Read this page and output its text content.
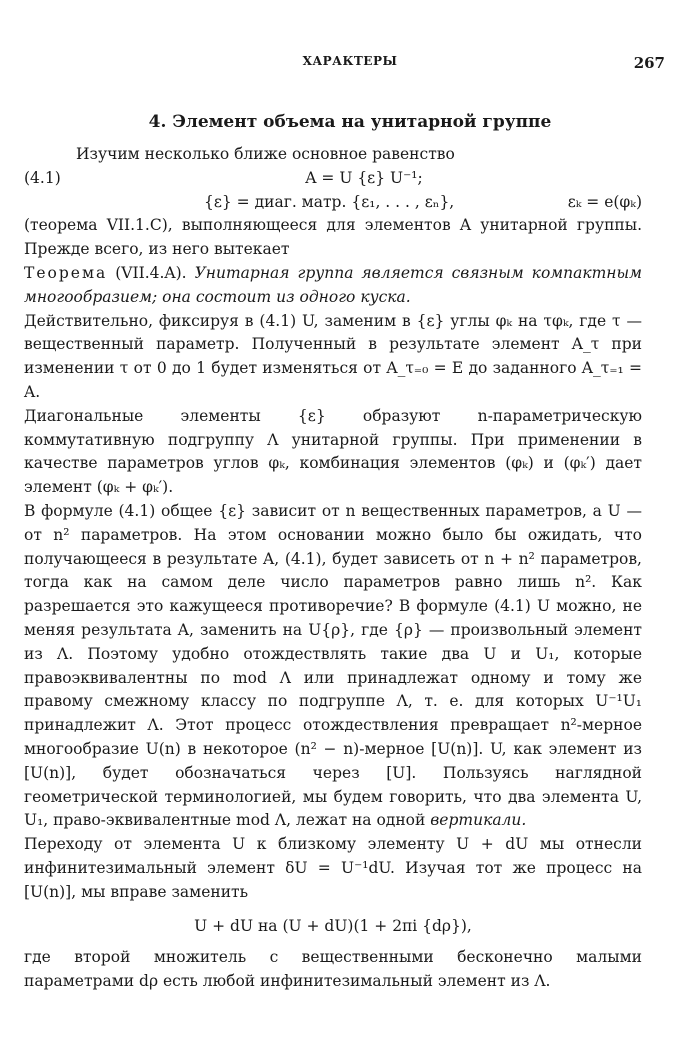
ХАРАКТЕРЫ	267
4. Элемент объема на унитарной группе

Изучим несколько ближе основное равенство

(4.1)	A = U {ε} U⁻¹;
{ε} = диаг. матр. {ε₁, . . . , εₙ},	εₖ = e(φₖ)

(теорема VII.1.C), выполняющееся для элементов A унитарной группы. Прежде всего, из него вытекает

Теорема (VII.4.A). Унитарная группа является связным компактным многообразием; она состоит из одного куска.

Действительно, фиксируя в (4.1) U, заменим в {ε} углы φₖ на τφₖ, где τ — вещественный параметр. Полученный в результате элемент A_τ при изменении τ от 0 до 1 будет изменяться от A_τ₌₀ = E до заданного A_τ₌₁ = A.

Диагональные элементы {ε} образуют n-параметрическую коммутативную подгруппу Λ унитарной группы. При применении в качестве параметров углов φₖ, комбинация элементов (φₖ) и (φₖ′) дает элемент (φₖ + φₖ′).

В формуле (4.1) общее {ε} зависит от n вещественных параметров, а U — от n² параметров. На этом основании можно было бы ожидать, что получающееся в результате A, (4.1), будет зависеть от n + n² параметров, тогда как на самом деле число параметров равно лишь n². Как разрешается это кажущееся противоречие? В формуле (4.1) U можно, не меняя результата A, заменить на U{ρ}, где {ρ} — произвольный элемент из Λ. Поэтому удобно отождествлять такие два U и U₁, которые правоэквивалентны по mod Λ или принадлежат одному и тому же правому смежному классу по подгруппе Λ, т. е. для которых U⁻¹U₁ принадлежит Λ. Этот процесс отождествления превращает n²-мерное многообразие U(n) в некоторое (n² − n)-мерное [U(n)]. U, как элемент из [U(n)], будет обозначаться через [U]. Пользуясь наглядной геометрической терминологией, мы будем говорить, что два элемента U, U₁, право-эквивалентные mod Λ, лежат на одной вертикали.

Переходу от элемента U к близкому элементу U + dU мы отнесли инфинитезимальный элемент δU = U⁻¹dU. Изучая тот же процесс на [U(n)], мы вправе заменить

U + dU на (U + dU)(1 + 2πi {dρ}),

где второй множитель с вещественными бесконечно малыми параметрами dρ есть любой инфинитезимальный элемент из Λ.
